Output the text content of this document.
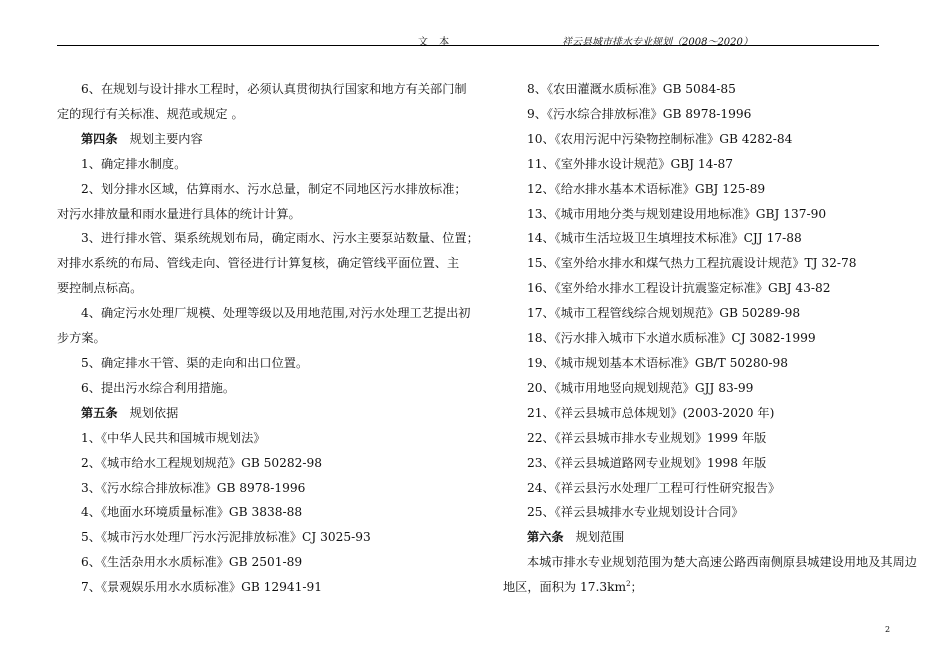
文 本	祥云县城市排水专业规划（2008～2020）
6、在规划与设计排水工程时，必须认真贯彻执行国家和地方有关部门制
定的现行有关标准、规范或规定 。
第四条 规划主要内容
1、确定排水制度。
2、划分排水区域，估算雨水、污水总量，制定不同地区污水排放标准；
对污水排放量和雨水量进行具体的统计计算。
3、进行排水管、渠系统规划布局，确定雨水、污水主要泵站数量、位置；
对排水系统的布局、管线走向、管径进行计算复核，确定管线平面位置、主
要控制点标高。
4、确定污水处理厂规模、处理等级以及用地范围,对污水处理工艺提出初
步方案。
5、确定排水干管、渠的走向和出口位置。
6、提出污水综合利用措施。
第五条 规划依据
1、《中华人民共和国城市规划法》
2、《城市给水工程规划规范》GB 50282-98
3、《污水综合排放标准》GB 8978-1996
4、《地面水环境质量标准》GB 3838-88
5、《城市污水处理厂污水污泥排放标准》CJ 3025-93
6、《生活杂用水水质标准》GB 2501-89
7、《景观娱乐用水水质标准》GB 12941-91
8、《农田灌溉水质标准》GB 5084-85
9、《污水综合排放标准》GB 8978-1996
10、《农用污泥中污染物控制标准》GB 4282-84
11、《室外排水设计规范》GBJ 14-87
12、《给水排水基本术语标准》GBJ 125-89
13、《城市用地分类与规划建设用地标准》GBJ 137-90
14、《城市生活垃圾卫生填埋技术标准》CJJ 17-88
15、《室外给水排水和煤气热力工程抗震设计规范》TJ 32-78
16、《室外给水排水工程设计抗震鉴定标准》GBJ 43-82
17、《城市工程管线综合规划规范》GB 50289-98
18、《污水排入城市下水道水质标准》CJ 3082-1999
19、《城市规划基本术语标准》GB/T 50280-98
20、《城市用地竖向规划规范》GJJ 83-99
21、《祥云县城市总体规划》(2003-2020 年)
22、《祥云县城市排水专业规划》1999 年版
23、《祥云县城道路网专业规划》1998 年版
24、《祥云县污水处理厂工程可行性研究报告》
25、《祥云县城排水专业规划设计合同》
第六条 规划范围
本城市排水专业规划范围为楚大高速公路西南侧原县城建设用地及其周边
地区，面积为 $17.3km^2$；
2
